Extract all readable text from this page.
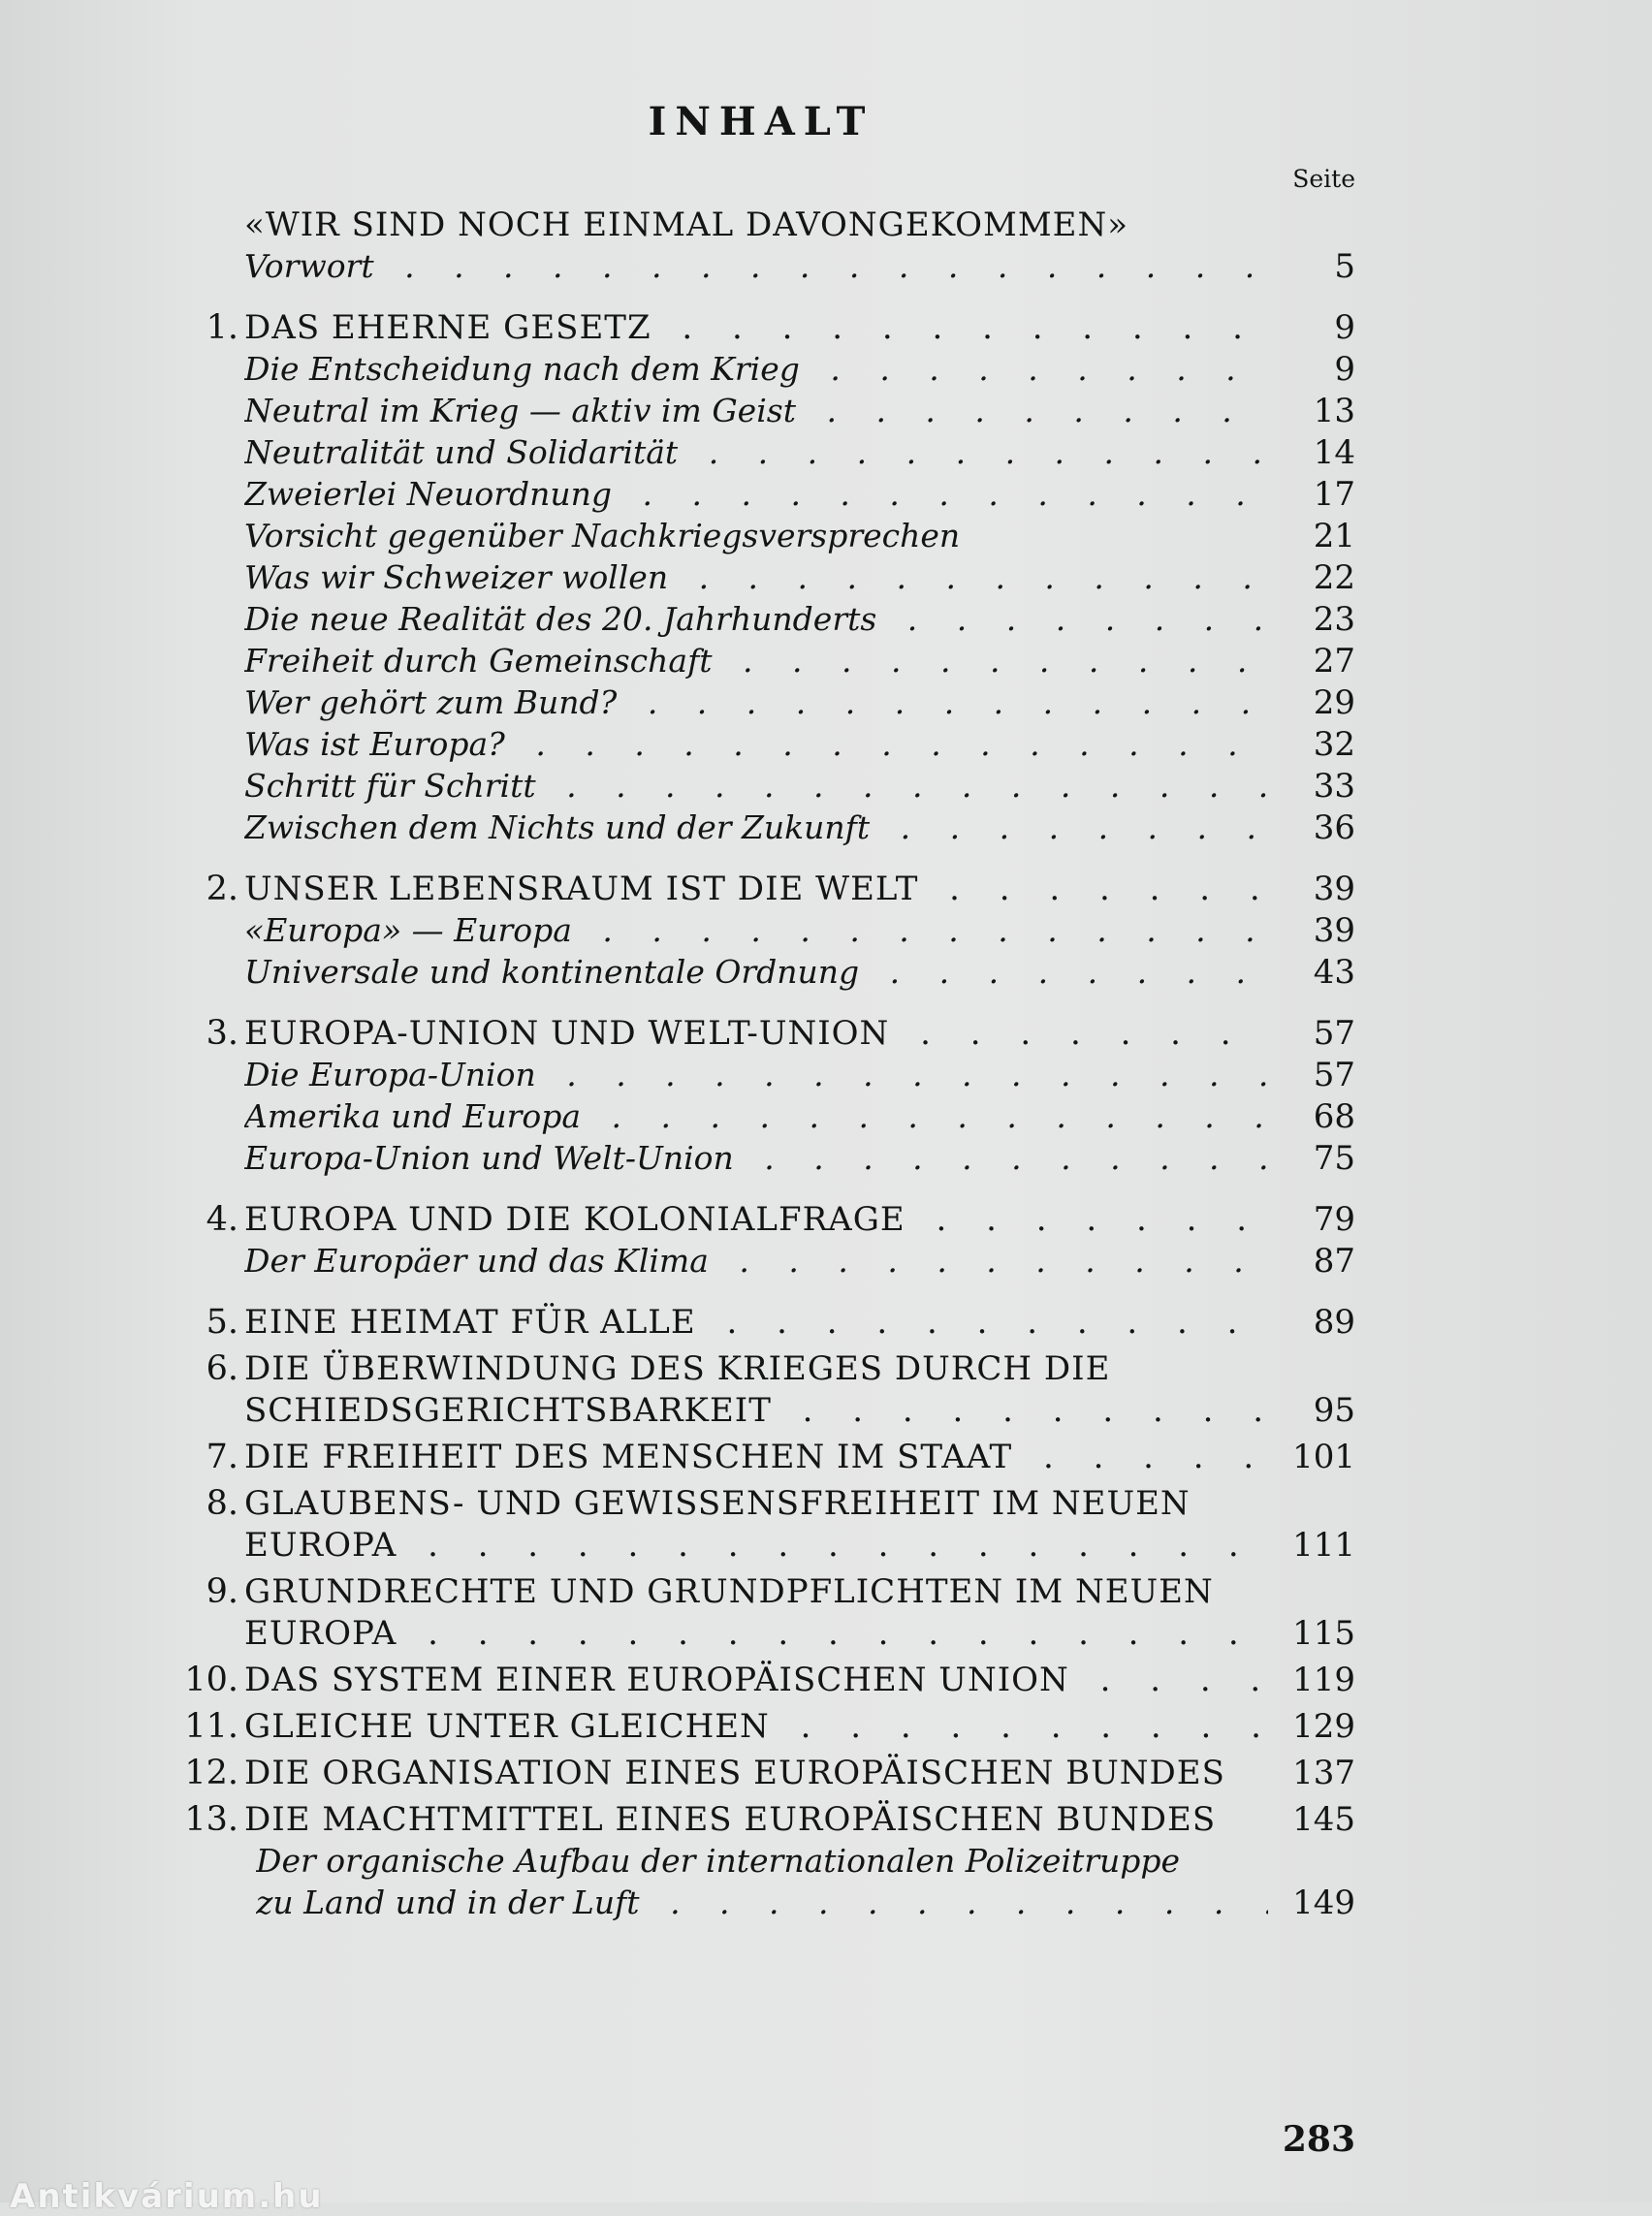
INHALT
Seite
«WIR SIND NOCH EINMAL DAVONGEKOMMEN»
Vorwort . . .	5
1. DAS EHERNE GESETZ . . .	9
Die Entscheidung nach dem Krieg . . .	9
Neutral im Krieg — aktiv im Geist . . .	13
Neutralität und Solidarität . . .	14
Zweierlei Neuordnung . . .	17
Vorsicht gegenüber Nachkriegsversprechen	21
Was wir Schweizer wollen . . .	22
Die neue Realität des 20. Jahrhunderts . . .	23
Freiheit durch Gemeinschaft . . .	27
Wer gehört zum Bund? . . .	29
Was ist Europa? . . .	32
Schritt für Schritt . . .	33
Zwischen dem Nichts und der Zukunft . . .	36
2. UNSER LEBENSRAUM IST DIE WELT . . .	39
«Europa» — Europa . . .	39
Universale und kontinentale Ordnung . . .	43
3. EUROPA-UNION UND WELT-UNION . . .	57
Die Europa-Union . . .	57
Amerika und Europa . . .	68
Europa-Union und Welt-Union . . .	75
4. EUROPA UND DIE KOLONIALFRAGE . . .	79
Der Europäer und das Klima . . .	87
5. EINE HEIMAT FÜR ALLE . . .	89
6. DIE ÜBERWINDUNG DES KRIEGES DURCH DIE
SCHIEDSGERICHTSBARKEIT . . .	95
7. DIE FREIHEIT DES MENSCHEN IM STAAT . . .	101
8. GLAUBENS- UND GEWISSENSFREIHEIT IM NEUEN
EUROPA . . .	111
9. GRUNDRECHTE UND GRUNDPFLICHTEN IM NEUEN
EUROPA . . .	115
10. DAS SYSTEM EINER EUROPÄISCHEN UNION . . .	119
11. GLEICHE UNTER GLEICHEN . . .	129
12. DIE ORGANISATION EINES EUROPÄISCHEN BUNDES	137
13. DIE MACHTMITTEL EINES EUROPÄISCHEN BUNDES	145
Der organische Aufbau der internationalen Polizeitruppe
zu Land und in der Luft . . .	149
283
Antikvárium.hu
